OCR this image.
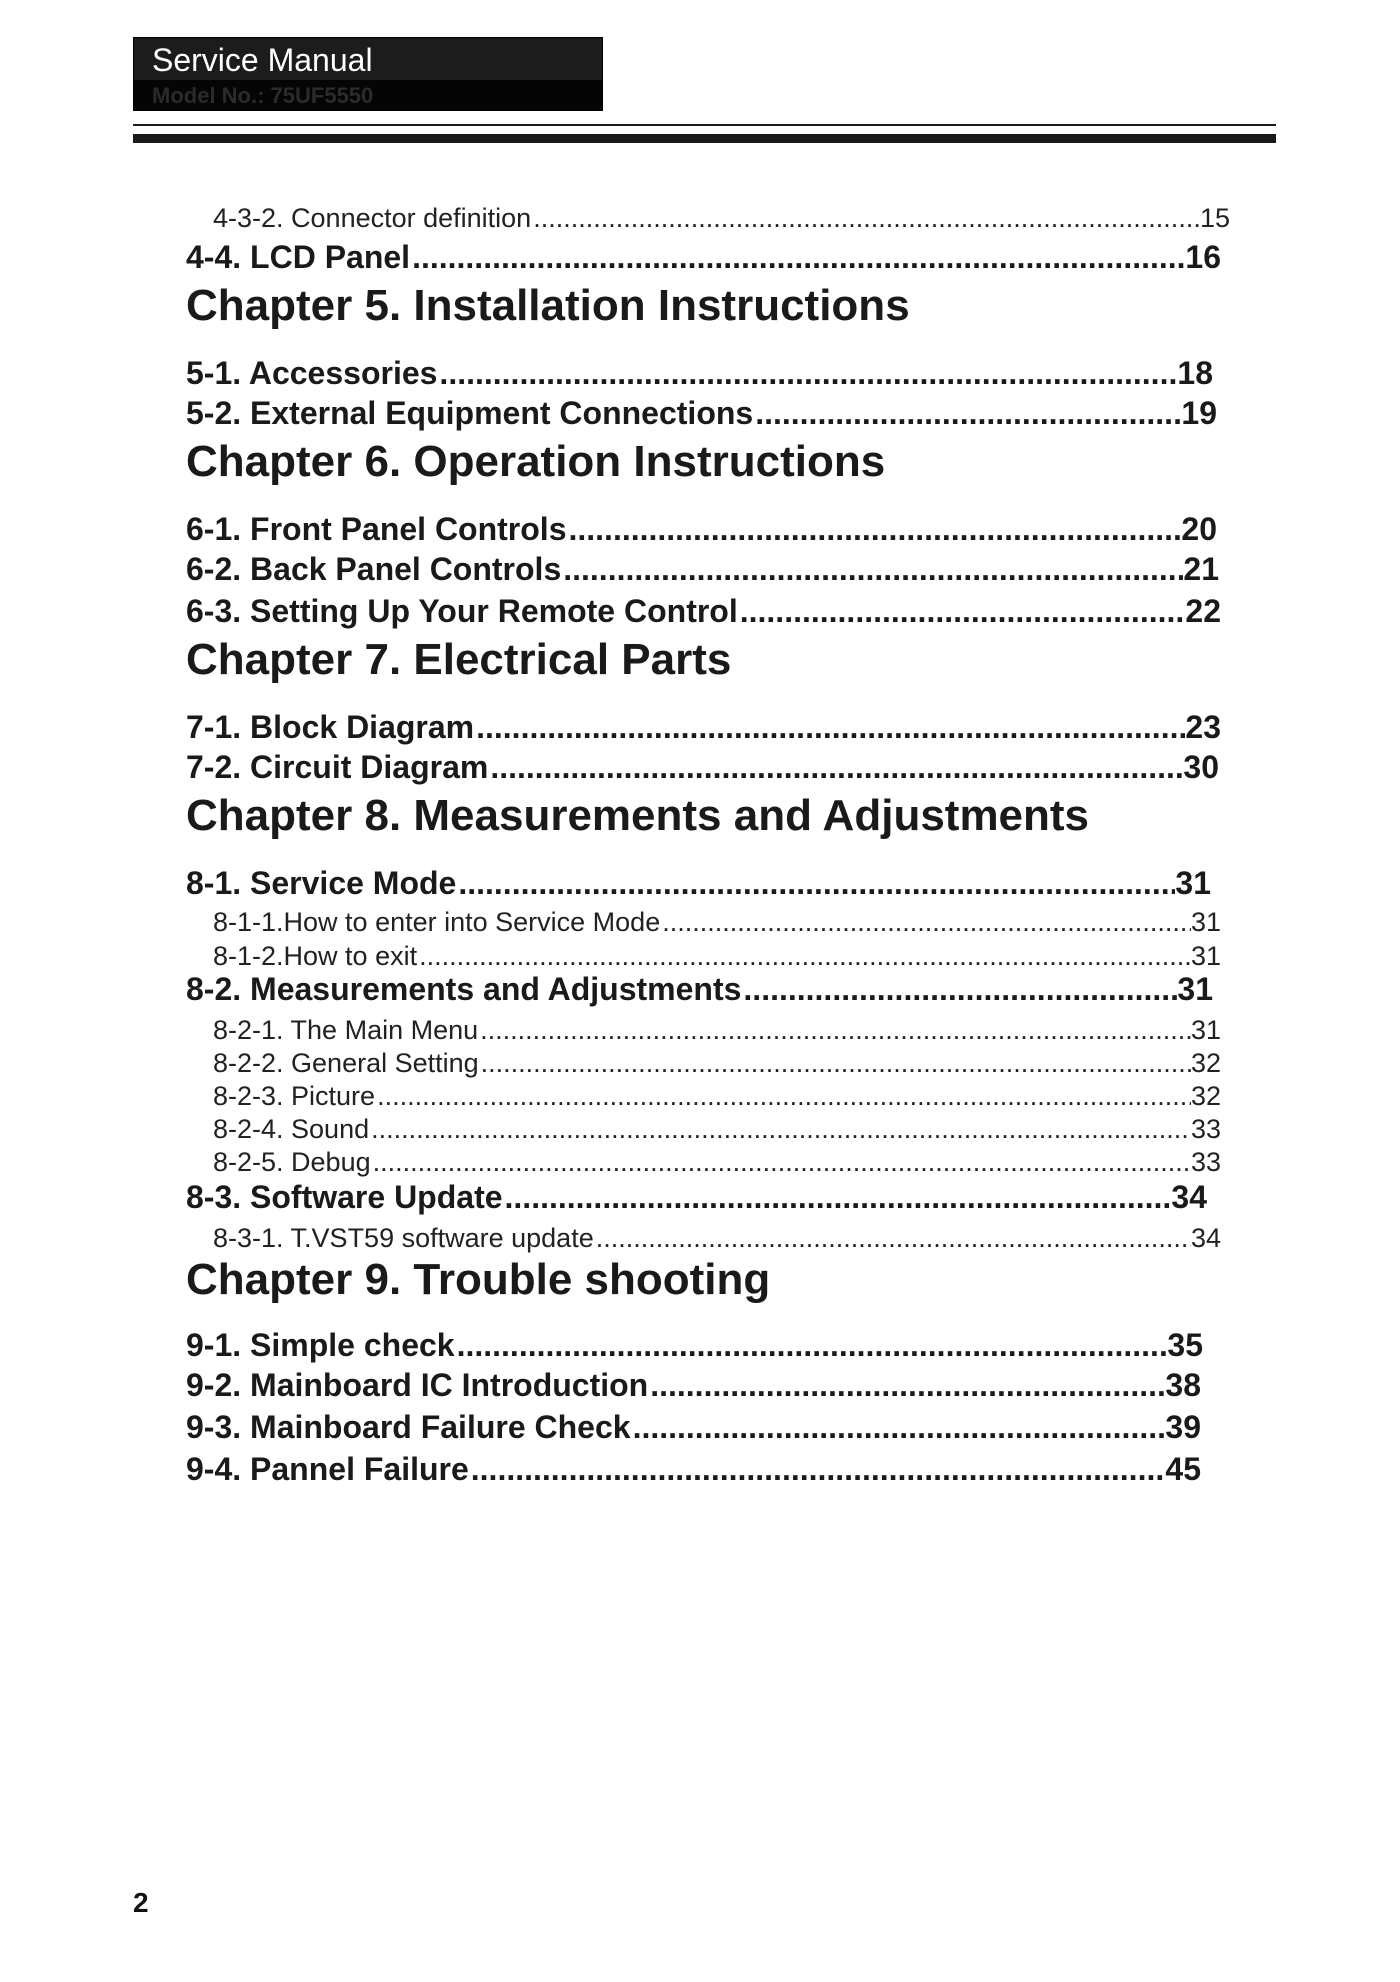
Service Manual
Model No.: 75UF5550
4-3-2. Connector definition .....	15
4-4. LCD Panel .....	16
Chapter 5. Installation Instructions
5-1. Accessories .....	18
5-2. External Equipment Connections .....	19
Chapter 6. Operation Instructions
6-1. Front Panel Controls .....	20
6-2. Back Panel Controls .....	21
6-3. Setting Up Your Remote Control .....	22
Chapter 7. Electrical Parts
7-1. Block Diagram .....	23
7-2. Circuit Diagram .....	30
Chapter 8. Measurements and Adjustments
8-1. Service Mode .....	31
8-1-1.How to enter into Service Mode .....	31
8-1-2.How to exit .....	31
8-2. Measurements and Adjustments .....	31
8-2-1. The Main Menu .....	31
8-2-2. General Setting .....	32
8-2-3. Picture .....	32
8-2-4. Sound .....	33
8-2-5. Debug .....	33
8-3. Software Update .....	34
8-3-1. T.VST59 software update .....	34
Chapter 9. Trouble shooting
9-1. Simple check .....	35
9-2. Mainboard IC Introduction .....	38
9-3. Mainboard Failure Check .....	39
9-4. Pannel Failure .....	45
2
